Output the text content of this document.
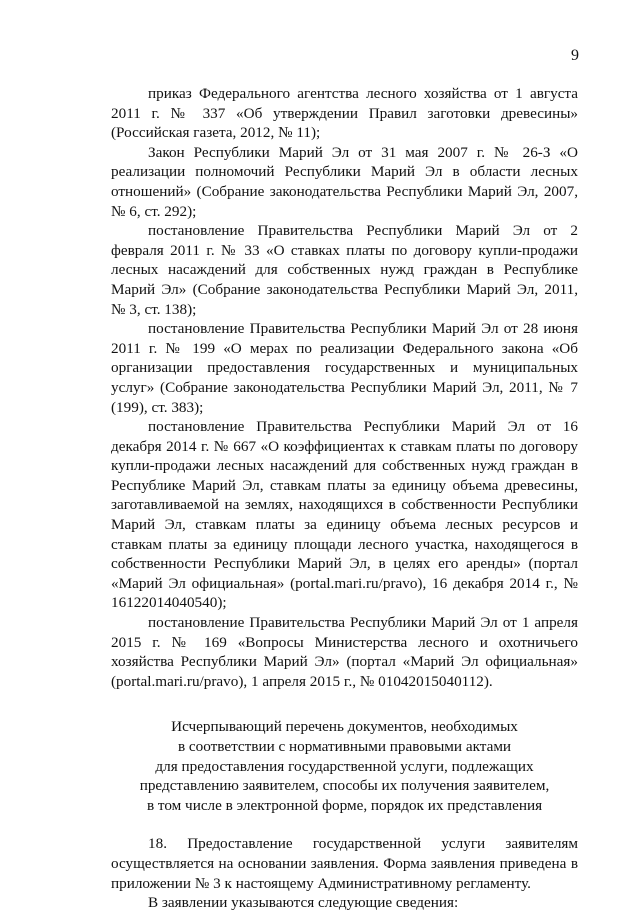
9

приказ Федерального агентства лесного хозяйства от 1 августа 2011 г. № 337 «Об утверждении Правил заготовки древесины» (Российская газета, 2012, № 11);

Закон Республики Марий Эл от 31 мая 2007 г. № 26-З «О реализации полномочий Республики Марий Эл в области лесных отношений» (Собрание законодательства Республики Марий Эл, 2007, № 6, ст. 292);

постановление Правительства Республики Марий Эл от 2 февраля 2011 г. № 33 «О ставках платы по договору купли-продажи лесных насаждений для собственных нужд граждан в Республике Марий Эл» (Собрание законодательства Республики Марий Эл, 2011, № 3, ст. 138);

постановление Правительства Республики Марий Эл от 28 июня 2011 г. № 199 «О мерах по реализации Федерального закона «Об организации предоставления государственных и муниципальных услуг» (Собрание законодательства Республики Марий Эл, 2011, № 7 (199), ст. 383);

постановление Правительства Республики Марий Эл от 16 декабря 2014 г. № 667 «О коэффициентах к ставкам платы по договору купли-продажи лесных насаждений для собственных нужд граждан в Республике Марий Эл, ставкам платы за единицу объема древесины, заготавливаемой на землях, находящихся в собственности Республики Марий Эл, ставкам платы за единицу объема лесных ресурсов и ставкам платы за единицу площади лесного участка, находящегося в собственности Республики Марий Эл, в целях его аренды» (портал «Марий Эл официальная» (portal.mari.ru/pravo), 16 декабря 2014 г., № 16122014040540);

постановление Правительства Республики Марий Эл от 1 апреля 2015 г. № 169 «Вопросы Министерства лесного и охотничьего хозяйства Республики Марий Эл» (портал «Марий Эл официальная» (portal.mari.ru/pravo), 1 апреля 2015 г., № 01042015040112).

Исчерпывающий перечень документов, необходимых
в соответствии с нормативными правовыми актами
для предоставления государственной услуги, подлежащих
представлению заявителем, способы их получения заявителем,
в том числе в электронной форме, порядок их представления

18. Предоставление государственной услуги заявителям осуществляется на основании заявления. Форма заявления приведена в приложении № 3 к настоящему Административному регламенту.

В заявлении указываются следующие сведения:
